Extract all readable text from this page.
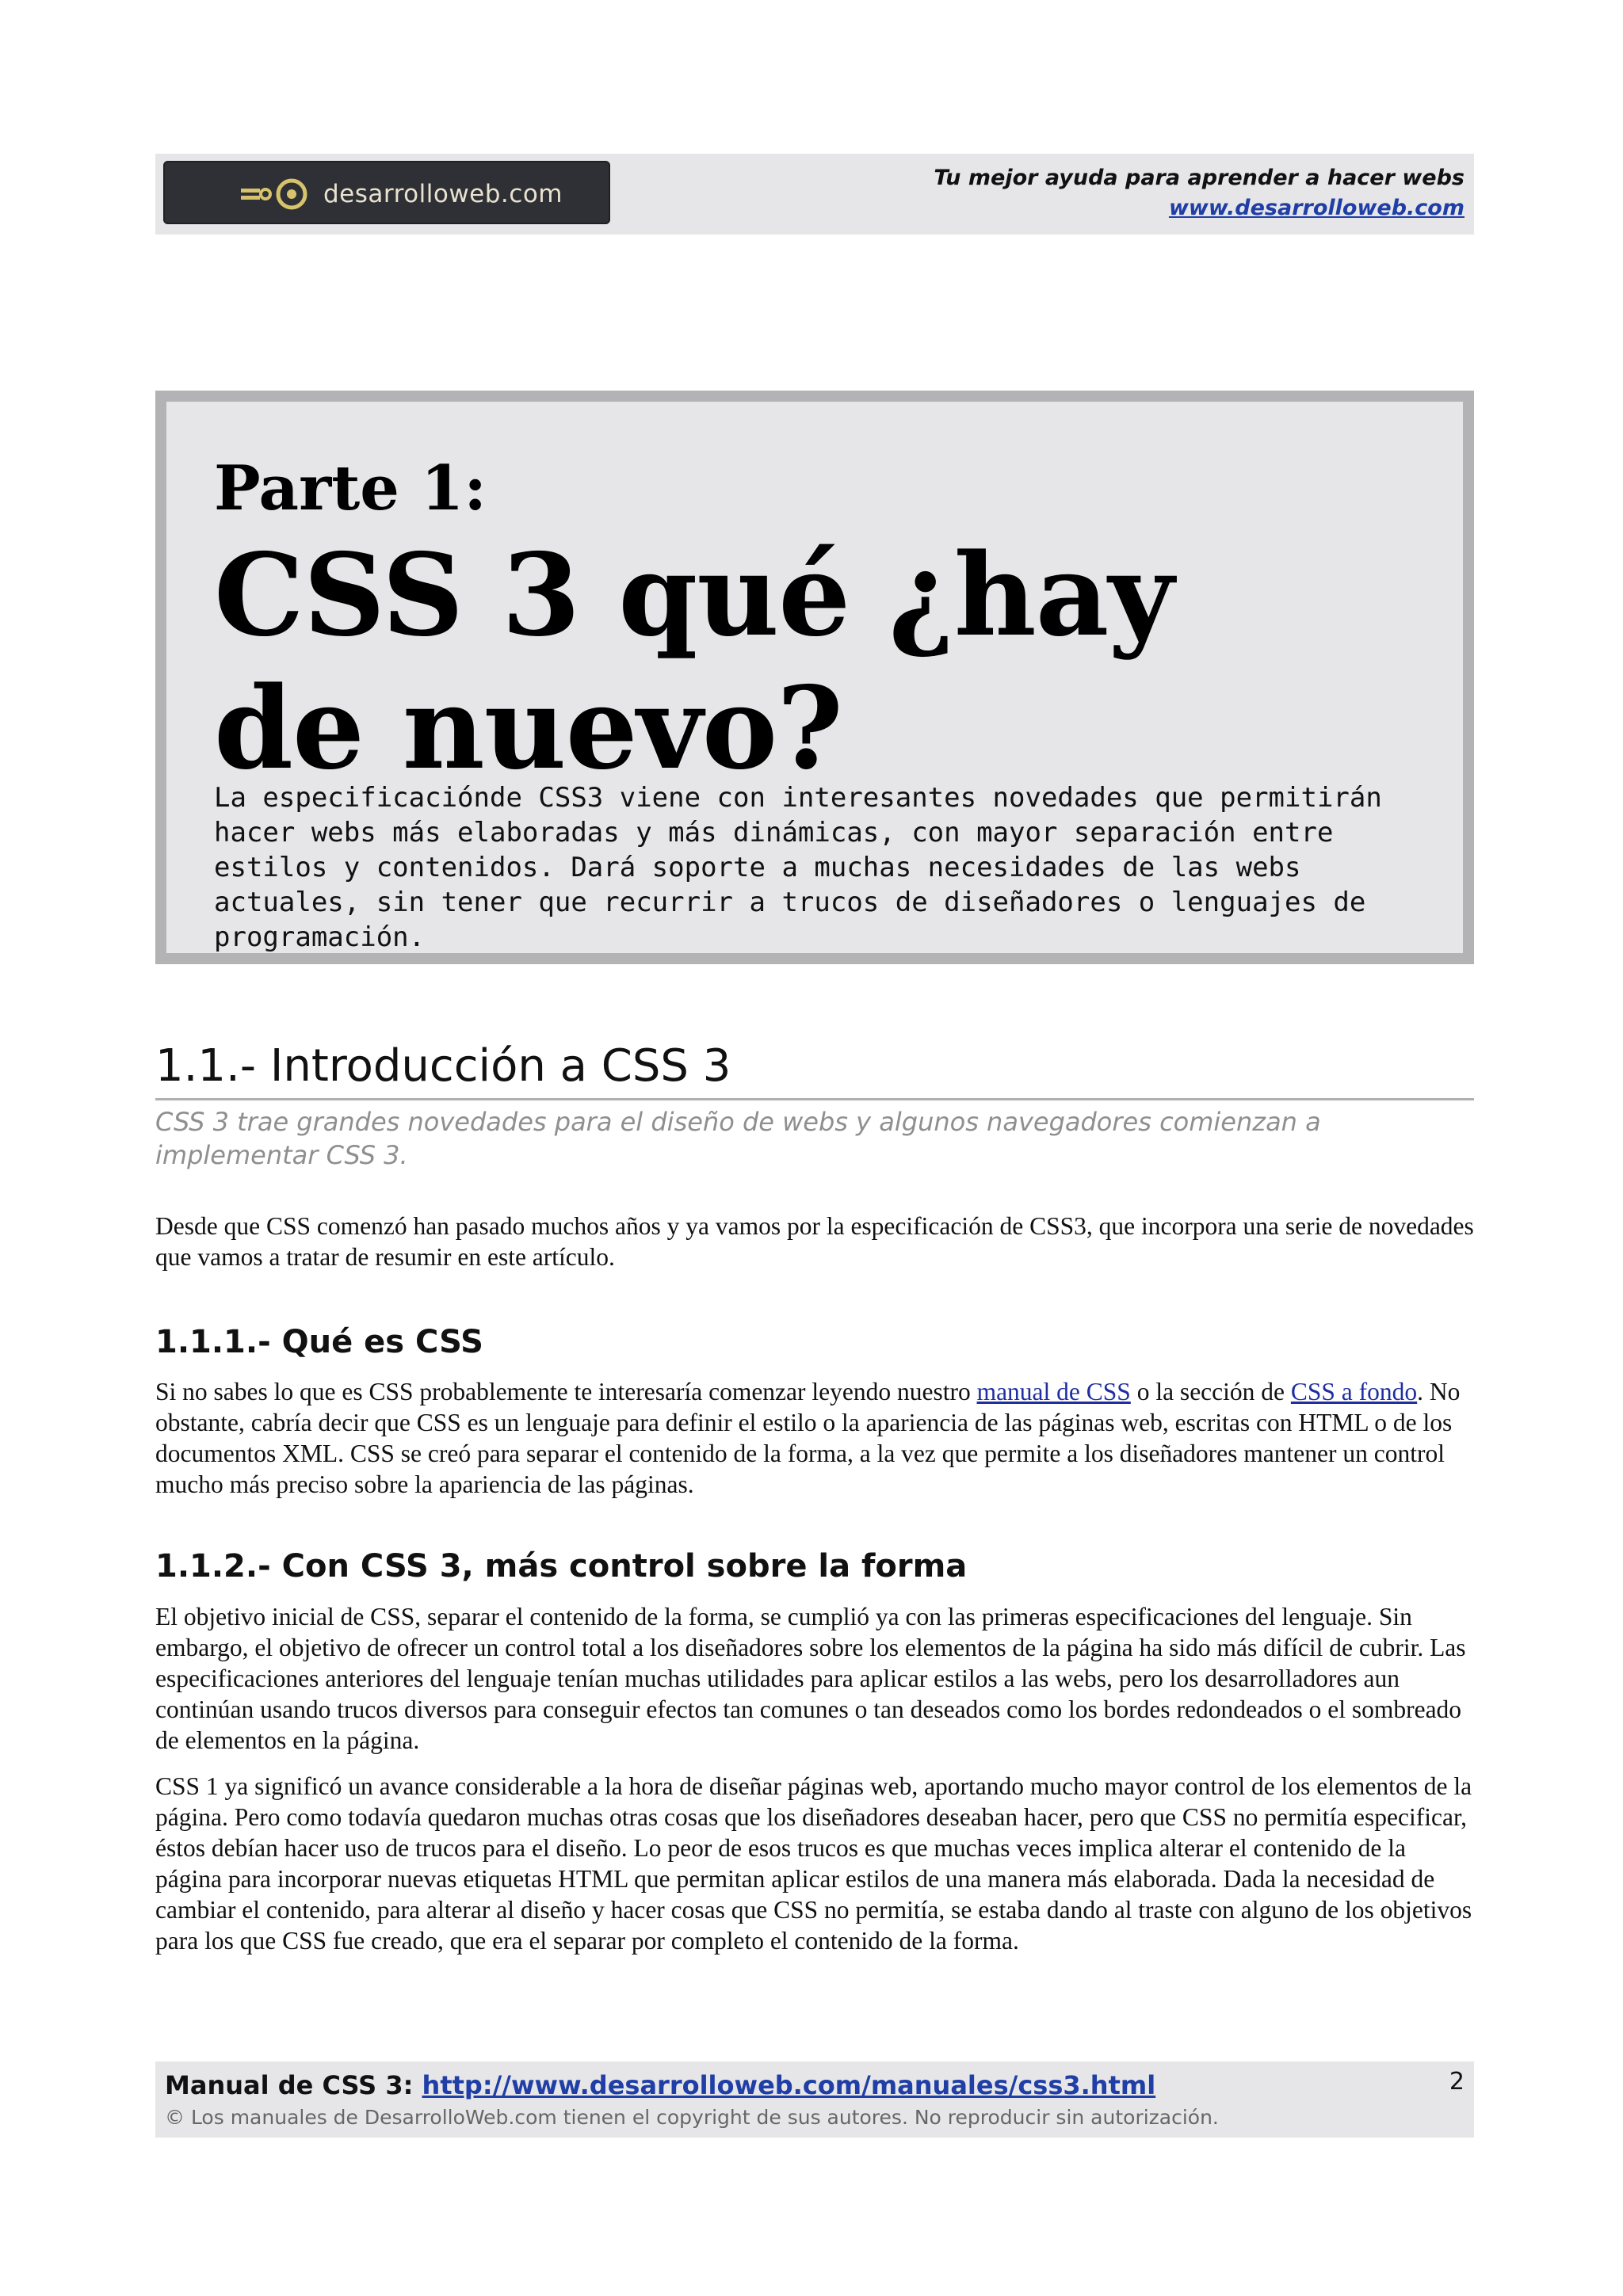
desarrolloweb.com
Tu mejor ayuda para aprender a hacer webs
www.desarrolloweb.com
Parte 1:
CSS 3 qué ¿hay de nuevo?
La especificacióndе CSS3 viene con interesantes novedades que permitirán hacer webs más elaboradas y más dinámicas, con mayor separación entre estilos y contenidos. Dará soporte a muchas necesidades de las webs actuales, sin tener que recurrir a trucos de diseñadores o lenguajes de programación.
1.1.- Introducción a CSS 3
CSS 3 trae grandes novedades para el diseño de webs y algunos navegadores comienzan a implementar CSS 3.
Desde que CSS comenzó han pasado muchos años y ya vamos por la especificación de CSS3, que incorpora una serie de novedades que vamos a tratar de resumir en este artículo.
1.1.1.- Qué es CSS
Si no sabes lo que es CSS probablemente te interesaría comenzar leyendo nuestro manual de CSS o la sección de CSS a fondo. No obstante, cabría decir que CSS es un lenguaje para definir el estilo o la apariencia de las páginas web, escritas con HTML o de los documentos XML. CSS se creó para separar el contenido de la forma, a la vez que permite a los diseñadores mantener un control mucho más preciso sobre la apariencia de las páginas.
1.1.2.- Con CSS 3, más control sobre la forma
El objetivo inicial de CSS, separar el contenido de la forma, se cumplió ya con las primeras especificaciones del lenguaje. Sin embargo, el objetivo de ofrecer un control total a los diseñadores sobre los elementos de la página ha sido más difícil de cubrir. Las especificaciones anteriores del lenguaje tenían muchas utilidades para aplicar estilos a las webs, pero los desarrolladores aun continúan usando trucos diversos para conseguir efectos tan comunes o tan deseados como los bordes redondeados o el sombreado de elementos en la página.
CSS 1 ya significó un avance considerable a la hora de diseñar páginas web, aportando mucho mayor control de los elementos de la página. Pero como todavía quedaron muchas otras cosas que los diseñadores deseaban hacer, pero que CSS no permitía especificar, éstos debían hacer uso de trucos para el diseño. Lo peor de esos trucos es que muchas veces implica alterar el contenido de la página para incorporar nuevas etiquetas HTML que permitan aplicar estilos de una manera más elaborada. Dada la necesidad de cambiar el contenido, para alterar al diseño y hacer cosas que CSS no permitía, se estaba dando al traste con alguno de los objetivos para los que CSS fue creado, que era el separar por completo el contenido de la forma.
Manual de CSS 3: http://www.desarrolloweb.com/manuales/css3.html
© Los manuales de DesarrolloWeb.com tienen el copyright de sus autores. No reproducir sin autorización.
2
